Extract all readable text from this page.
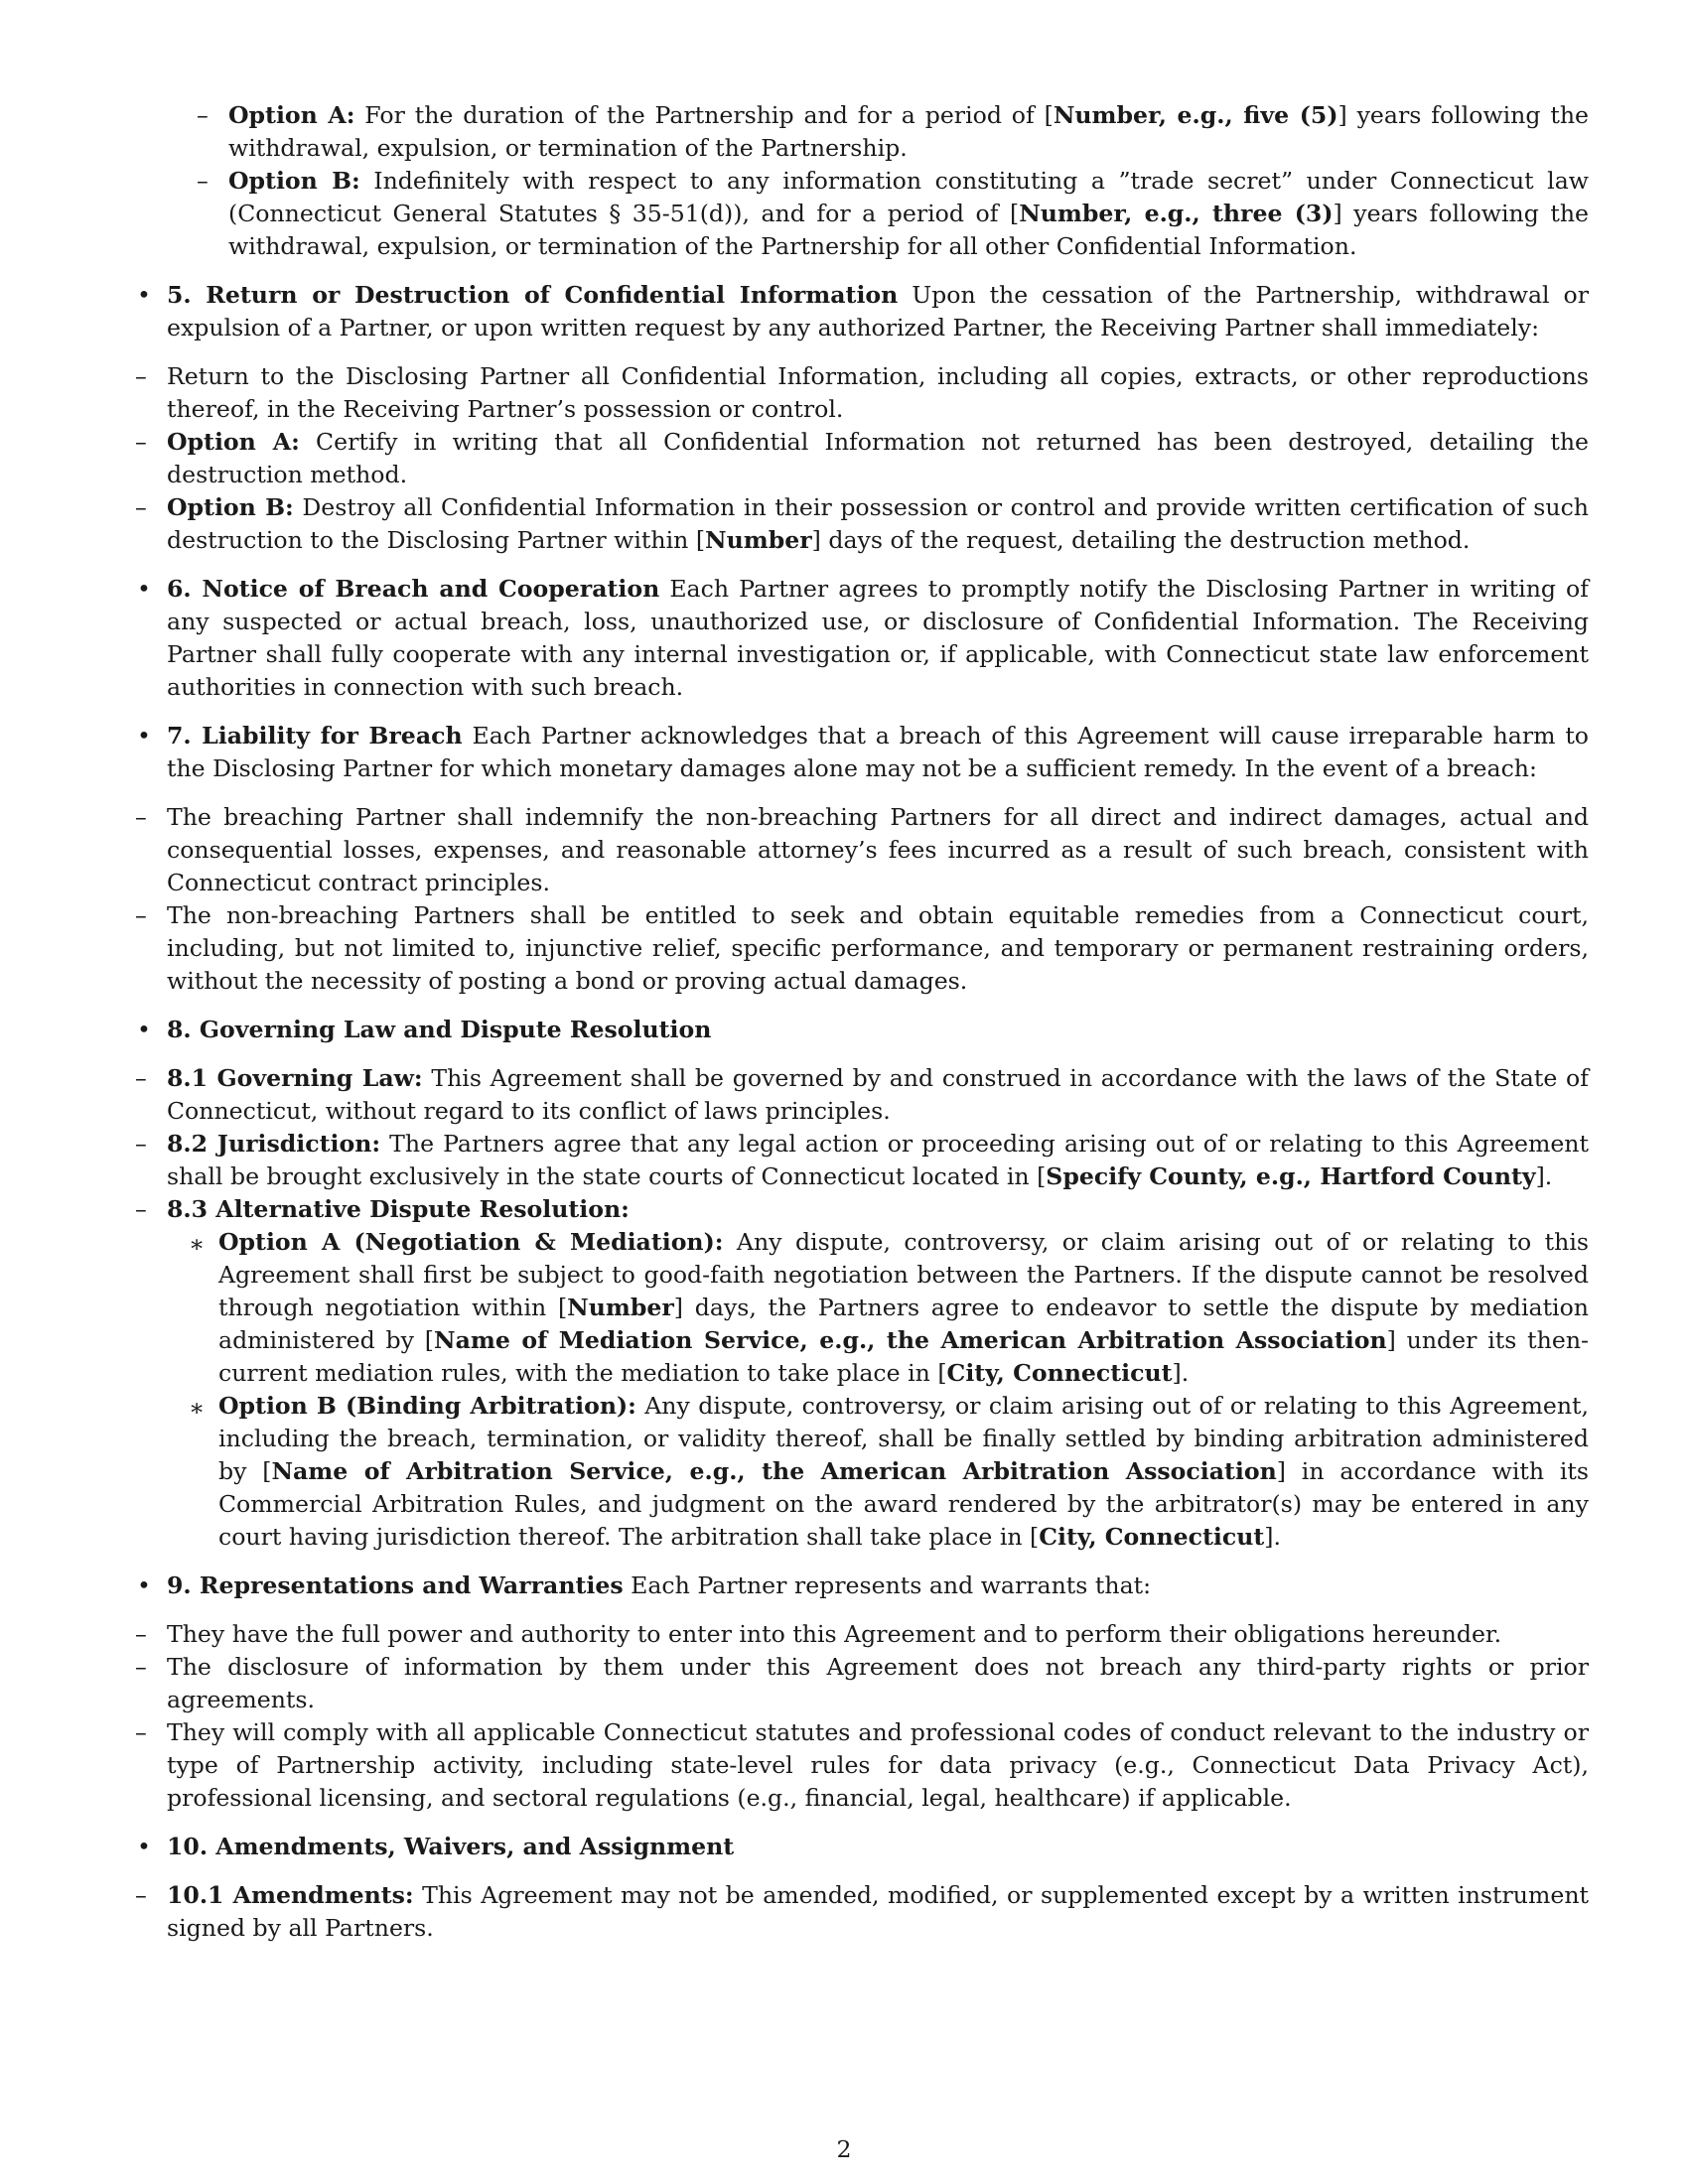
– Option A: For the duration of the Partnership and for a period of [Number, e.g., five (5)] years following the withdrawal, expulsion, or termination of the Partnership.
– Option B: Indefinitely with respect to any information constituting a ”trade secret” under Connecticut law (Connecticut General Statutes § 35-51(d)), and for a period of [Number, e.g., three (3)] years following the withdrawal, expulsion, or termination of the Partnership for all other Confidential Information.
• 5. Return or Destruction of Confidential Information Upon the cessation of the Partnership, withdrawal or expulsion of a Partner, or upon written request by any authorized Partner, the Receiving Partner shall immediately:
– Return to the Disclosing Partner all Confidential Information, including all copies, extracts, or other reproductions thereof, in the Receiving Partner’s possession or control.
– Option A: Certify in writing that all Confidential Information not returned has been destroyed, detailing the destruction method.
– Option B: Destroy all Confidential Information in their possession or control and provide written certification of such destruction to the Disclosing Partner within [Number] days of the request, detailing the destruction method.
• 6. Notice of Breach and Cooperation Each Partner agrees to promptly notify the Disclosing Partner in writing of any suspected or actual breach, loss, unauthorized use, or disclosure of Confidential Information. The Receiving Partner shall fully cooperate with any internal investigation or, if applicable, with Connecticut state law enforcement authorities in connection with such breach.
• 7. Liability for Breach Each Partner acknowledges that a breach of this Agreement will cause irreparable harm to the Disclosing Partner for which monetary damages alone may not be a sufficient remedy. In the event of a breach:
– The breaching Partner shall indemnify the non-breaching Partners for all direct and indirect damages, actual and consequential losses, expenses, and reasonable attorney’s fees incurred as a result of such breach, consistent with Connecticut contract principles.
– The non-breaching Partners shall be entitled to seek and obtain equitable remedies from a Connecticut court, including, but not limited to, injunctive relief, specific performance, and temporary or permanent restraining orders, without the necessity of posting a bond or proving actual damages.
• 8. Governing Law and Dispute Resolution
– 8.1 Governing Law: This Agreement shall be governed by and construed in accordance with the laws of the State of Connecticut, without regard to its conflict of laws principles.
– 8.2 Jurisdiction: The Partners agree that any legal action or proceeding arising out of or relating to this Agreement shall be brought exclusively in the state courts of Connecticut located in [Specify County, e.g., Hartford County].
– 8.3 Alternative Dispute Resolution:
∗ Option A (Negotiation & Mediation): Any dispute, controversy, or claim arising out of or relating to this Agreement shall first be subject to good-faith negotiation between the Partners. If the dispute cannot be resolved through negotiation within [Number] days, the Partners agree to endeavor to settle the dispute by mediation administered by [Name of Mediation Service, e.g., the American Arbitration Association] under its then-current mediation rules, with the mediation to take place in [City, Connecticut].
∗ Option B (Binding Arbitration): Any dispute, controversy, or claim arising out of or relating to this Agreement, including the breach, termination, or validity thereof, shall be finally settled by binding arbitration administered by [Name of Arbitration Service, e.g., the American Arbitration Association] in accordance with its Commercial Arbitration Rules, and judgment on the award rendered by the arbitrator(s) may be entered in any court having jurisdiction thereof. The arbitration shall take place in [City, Connecticut].
• 9. Representations and Warranties Each Partner represents and warrants that:
– They have the full power and authority to enter into this Agreement and to perform their obligations hereunder.
– The disclosure of information by them under this Agreement does not breach any third-party rights or prior agreements.
– They will comply with all applicable Connecticut statutes and professional codes of conduct relevant to the industry or type of Partnership activity, including state-level rules for data privacy (e.g., Connecticut Data Privacy Act), professional licensing, and sectoral regulations (e.g., financial, legal, healthcare) if applicable.
• 10. Amendments, Waivers, and Assignment
– 10.1 Amendments: This Agreement may not be amended, modified, or supplemented except by a written instrument signed by all Partners.
2
